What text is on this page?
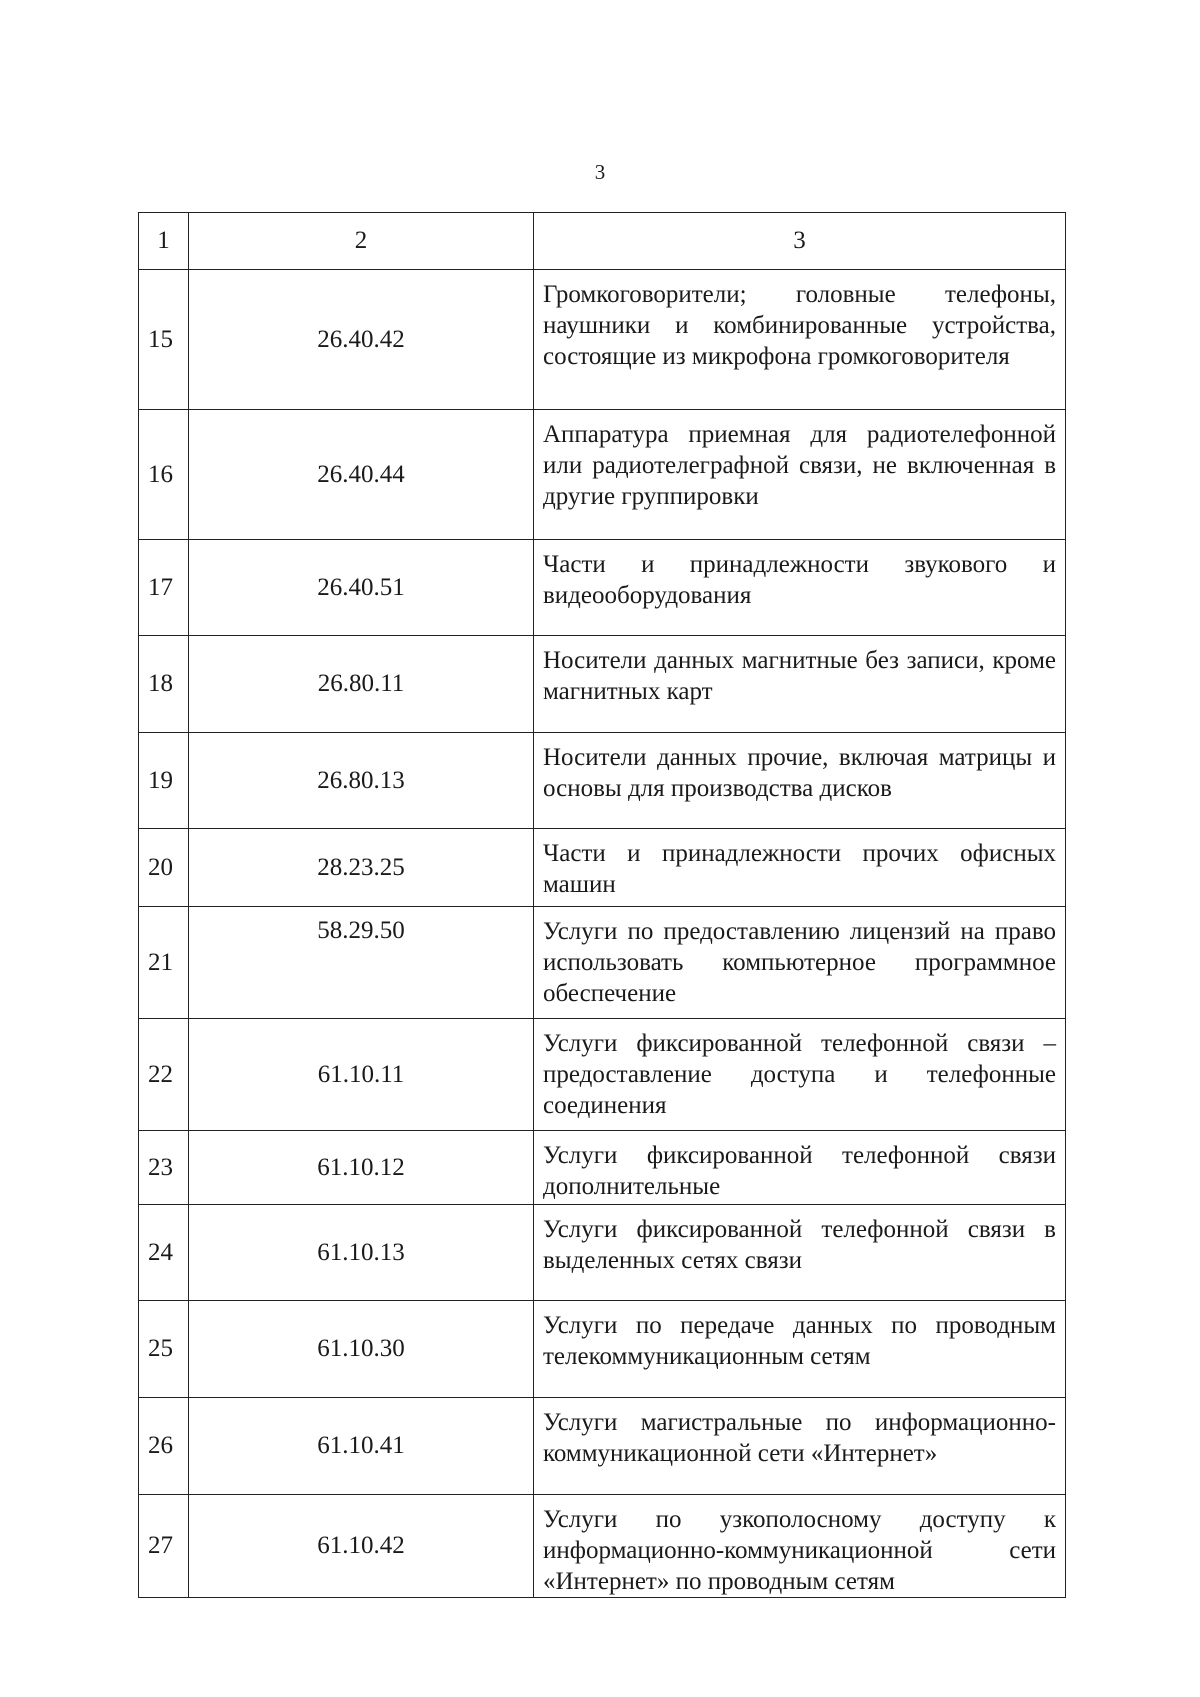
3
1	2	3
15	26.40.42	Громкоговорители; головные телефоны, наушники и комбинированные устройства, состоящие из микрофона громкоговорителя
16	26.40.44	Аппаратура приемная для радиотелефонной или радиотелеграфной связи, не включенная в другие группировки
17	26.40.51	Части и принадлежности звукового и видеооборудования
18	26.80.11	Носители данных магнитные без записи, кроме магнитных карт
19	26.80.13	Носители данных прочие, включая матрицы и основы для производства дисков
20	28.23.25	Части и принадлежности прочих офисных машин
21	58.29.50	Услуги по предоставлению лицензий на право использовать компьютерное программное обеспечение
22	61.10.11	Услуги фиксированной телефонной связи – предоставление доступа и телефонные соединения
23	61.10.12	Услуги фиксированной телефонной связи дополнительные
24	61.10.13	Услуги фиксированной телефонной связи в выделенных сетях связи
25	61.10.30	Услуги по передаче данных по проводным телекоммуникационным сетям
26	61.10.41	Услуги магистральные по информационно-коммуникационной сети «Интернет»
27	61.10.42	Услуги по узкополосному доступу к информационно-коммуникационной сети «Интернет» по проводным сетям
